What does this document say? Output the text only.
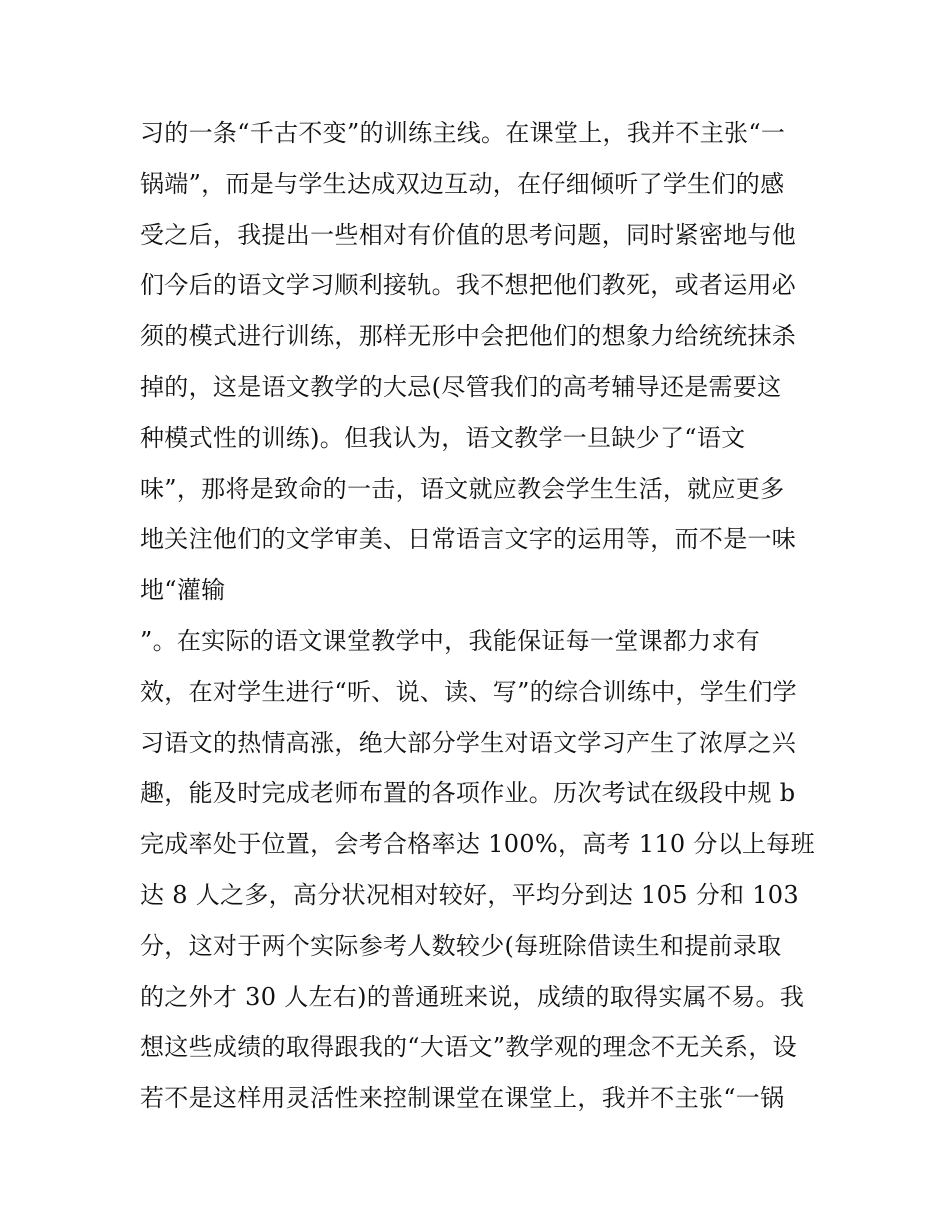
习的一条“千古不变”的训练主线。在课堂上，我并不主张“一
锅端”，而是与学生达成双边互动，在仔细倾听了学生们的感
受之后，我提出一些相对有价值的思考问题，同时紧密地与他
们今后的语文学习顺利接轨。我不想把他们教死，或者运用必
须的模式进行训练，那样无形中会把他们的想象力给统统抹杀
掉的，这是语文教学的大忌(尽管我们的高考辅导还是需要这
种模式性的训练)。但我认为，语文教学一旦缺少了“语文
味”，那将是致命的一击，语文就应教会学生生活，就应更多
地关注他们的文学审美、日常语言文字的运用等，而不是一味
地“灌输
”。在实际的语文课堂教学中，我能保证每一堂课都力求有
效，在对学生进行“听、说、读、写”的综合训练中，学生们学
习语文的热情高涨，绝大部分学生对语文学习产生了浓厚之兴
趣，能及时完成老师布置的各项作业。历次考试在级段中规 b
完成率处于位置，会考合格率达 100%，高考 110 分以上每班
达 8 人之多，高分状况相对较好，平均分到达 105 分和 103
分，这对于两个实际参考人数较少(每班除借读生和提前录取
的之外才 30 人左右)的普通班来说，成绩的取得实属不易。我
想这些成绩的取得跟我的“大语文”教学观的理念不无关系，设
若不是这样用灵活性来控制课堂在课堂上，我并不主张“一锅
